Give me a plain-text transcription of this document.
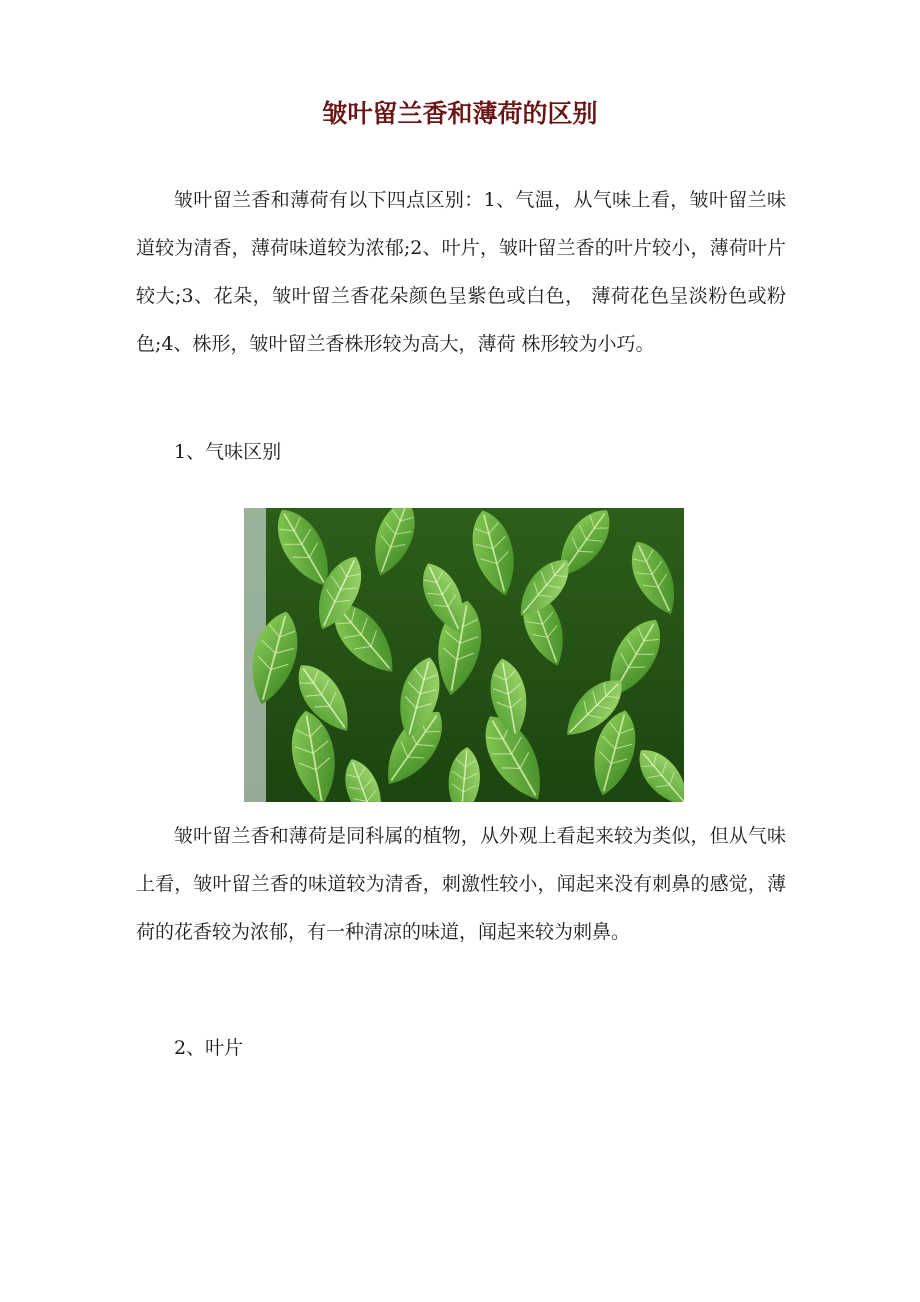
皱叶留兰香和薄荷的区别

皱叶留兰香和薄荷有以下四点区别：1、气温，从气味上看，皱叶留兰味道较为清香，薄荷味道较为浓郁;2、叶片，皱叶留兰香的叶片较小，薄荷叶片较大;3、花朵，皱叶留兰香花朵颜色呈紫色或白色， 薄荷花色呈淡粉色或粉色;4、株形，皱叶留兰香株形较为高大，薄荷 株形较为小巧。

1、气味区别

皱叶留兰香和薄荷是同科属的植物，从外观上看起来较为类似，但从气味上看，皱叶留兰香的味道较为清香，刺激性较小，闻起来没有刺鼻的感觉，薄荷的花香较为浓郁，有一种清凉的味道，闻起来较为刺鼻。

2、叶片
